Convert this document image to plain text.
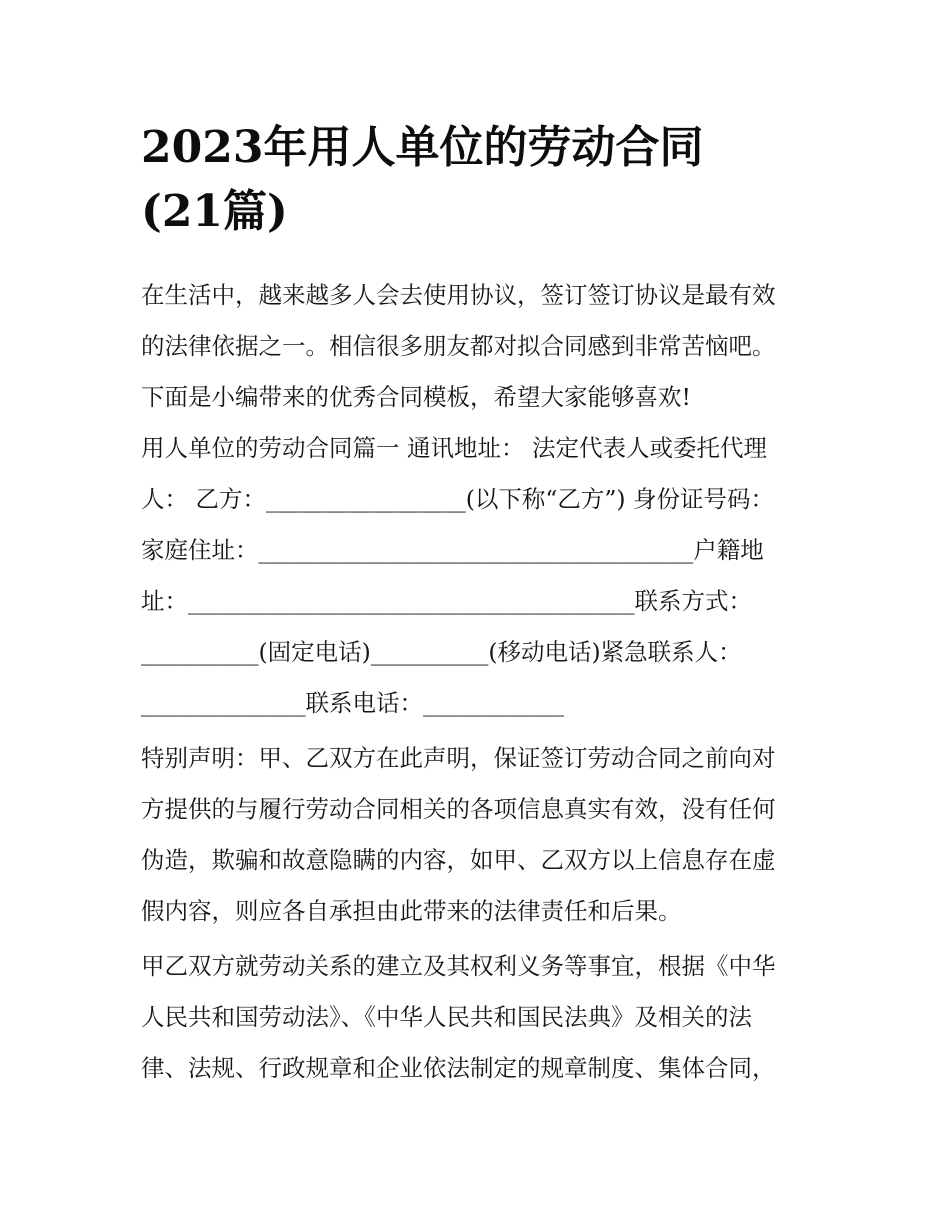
2023年用人单位的劳动合同
(21篇)

在生活中，越来越多人会去使用协议，签订签订协议是最有效
的法律依据之一。相信很多朋友都对拟合同感到非常苦恼吧。
下面是小编带来的优秀合同模板，希望大家能够喜欢!

用人单位的劳动合同篇一 通讯地址： 法定代表人或委托代理
人： 乙方：_________________(以下称“乙方”) 身份证号码：
家庭住址：_____________________________________户籍地
址：______________________________________联系方式：
__________(固定电话)__________(移动电话)紧急联系人：
______________联系电话：____________

特别声明：甲、乙双方在此声明，保证签订劳动合同之前向对
方提供的与履行劳动合同相关的各项信息真实有效，没有任何
伪造，欺骗和故意隐瞒的内容，如甲、乙双方以上信息存在虚
假内容，则应各自承担由此带来的法律责任和后果。

甲乙双方就劳动关系的建立及其权利义务等事宜，根据《中华
人民共和国劳动法》、《中华人民共和国民法典》及相关的法
律、法规、行政规章和企业依法制定的规章制度、集体合同，
